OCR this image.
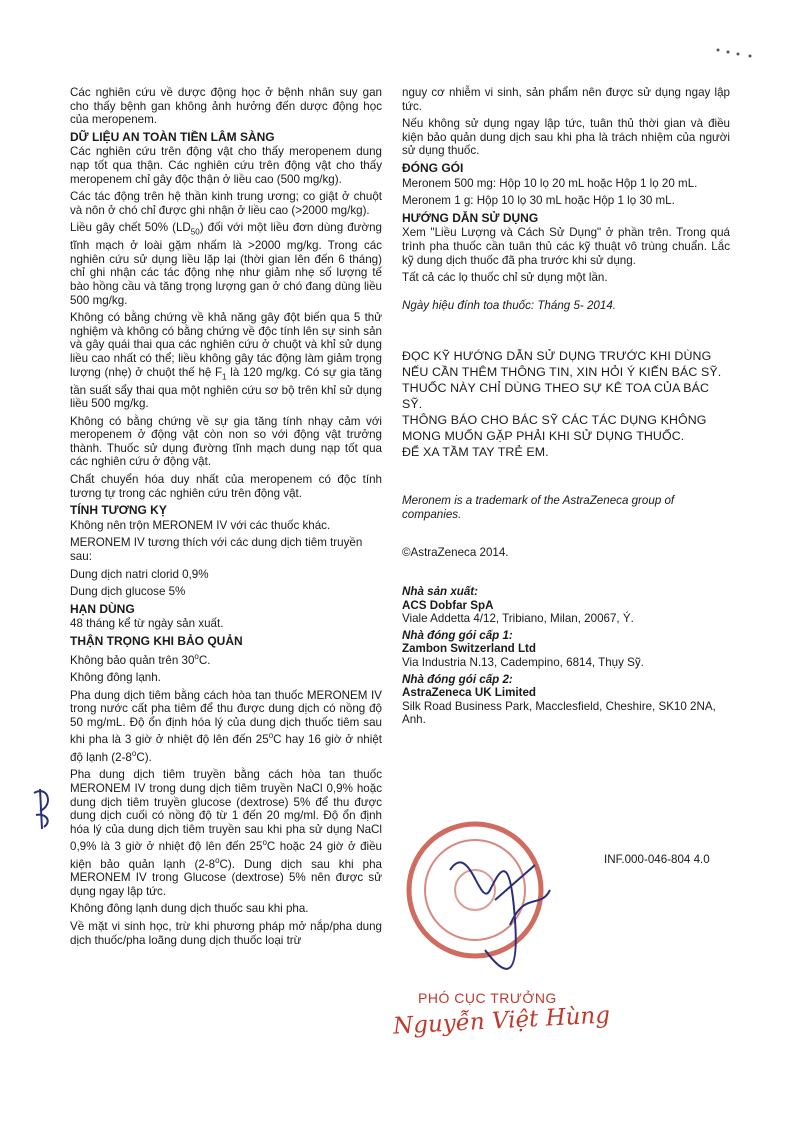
Các nghiên cứu về dược động học ở bệnh nhân suy gan cho thấy bệnh gan không ảnh hưởng đến dược động học của meropenem.

DỮ LIỆU AN TOÀN TIỀN LÂM SÀNG

Các nghiên cứu trên động vật cho thấy meropenem dung nạp tốt qua thận. Các nghiên cứu trên động vật cho thấy meropenem chỉ gây độc thận ở liều cao (500 mg/kg).

Các tác động trên hệ thần kinh trung ương; co giật ở chuột và nôn ở chó chỉ được ghi nhận ở liều cao (>2000 mg/kg).

Liều gây chết 50% $(LD_{50})$ đối với một liều đơn dùng đường tĩnh mạch ở loài gặm nhấm là >2000 mg/kg. Trong các nghiên cứu sử dụng liều lặp lại (thời gian lên đến 6 tháng) chỉ ghi nhận các tác động nhẹ như giảm nhẹ số lượng tế bào hồng cầu và tăng trọng lượng gan ở chó đang dùng liều 500 mg/kg.

Không có bằng chứng về khả năng gây đột biến qua 5 thử nghiệm và không có bằng chứng về độc tính lên sự sinh sản và gây quái thai qua các nghiên cứu ở chuột và khỉ sử dụng liều cao nhất có thể; liều không gây tác động làm giảm trọng lượng (nhẹ) ở chuột thế hệ $F_1$ là 120 mg/kg. Có sự gia tăng tần suất sẩy thai qua một nghiên cứu sơ bộ trên khỉ sử dụng liều 500 mg/kg.

Không có bằng chứng về sự gia tăng tính nhạy cảm với meropenem ở động vật còn non so với động vật trưởng thành. Thuốc sử dụng đường tĩnh mạch dung nạp tốt qua các nghiên cứu ở động vật.

Chất chuyển hóa duy nhất của meropenem có độc tính tương tự trong các nghiên cứu trên động vật.

TÍNH TƯƠNG KỴ

Không nên trộn MERONEM IV với các thuốc khác.

MERONEM IV tương thích với các dung dịch tiêm truyền sau:

Dung dịch natri clorid 0,9%

Dung dịch glucose 5%

HẠN DÙNG

48 tháng kể từ ngày sản xuất.

THẬN TRỌNG KHI BẢO QUẢN

Không bảo quản trên 30$^o$C.

Không đông lạnh.

Pha dung dịch tiêm bằng cách hòa tan thuốc MERONEM IV trong nước cất pha tiêm để thu được dung dịch có nồng độ 50 mg/mL. Độ ổn định hóa lý của dung dịch thuốc tiêm sau khi pha là 3 giờ ở nhiệt độ lên đến 25$^o$C hay 16 giờ ở nhiệt độ lạnh (2-8$^o$C).

Pha dung dịch tiêm truyền bằng cách hòa tan thuốc MERONEM IV trong dung dịch tiêm truyền NaCl 0,9% hoặc dung dịch tiêm truyền glucose (dextrose) 5% để thu được dung dịch cuối có nồng độ từ 1 đến 20 mg/ml. Độ ổn định hóa lý của dung dịch tiêm truyền sau khi pha sử dụng NaCl 0,9% là 3 giờ ở nhiệt độ lên đến 25$^o$C hoặc 24 giờ ở điều kiện bảo quản lạnh (2-8$^o$C). Dung dịch sau khi pha MERONEM IV trong Glucose (dextrose) 5% nên được sử dụng ngay lập tức.

Không đông lạnh dung dịch thuốc sau khi pha.

Về mặt vi sinh học, trừ khi phương pháp mở nắp/pha dung dịch thuốc/pha loãng dung dịch thuốc loại trừ

nguy cơ nhiễm vi sinh, sản phẩm nên được sử dụng ngay lập tức.

Nếu không sử dụng ngay lập tức, tuân thủ thời gian và điều kiện bảo quản dung dịch sau khi pha là trách nhiệm của người sử dụng thuốc.

ĐÓNG GÓI

Meronem 500 mg: Hộp 10 lọ 20 mL hoặc Hộp 1 lọ 20 mL.

Meronem 1 g: Hộp 10 lọ 30 mL hoặc Hộp 1 lọ 30 mL.

HƯỚNG DẪN SỬ DỤNG

Xem "Liều Lượng và Cách Sử Dụng" ở phần trên. Trong quá trình pha thuốc cần tuân thủ các kỹ thuật vô trùng chuẩn. Lắc kỹ dung dịch thuốc đã pha trước khi sử dụng.

Tất cả các lọ thuốc chỉ sử dụng một lần.

Ngày hiệu đính toa thuốc: Tháng 5- 2014.

ĐỌC KỸ HƯỚNG DẪN SỬ DỤNG TRƯỚC KHI DÙNG

NẾU CẦN THÊM THÔNG TIN, XIN HỎI Ý KIẾN BÁC SỸ.

THUỐC NÀY CHỈ DÙNG THEO SỰ KÊ TOA CỦA BÁC SỸ.

THÔNG BÁO CHO BÁC SỸ CÁC TÁC DỤNG KHÔNG MONG MUỐN GẶP PHẢI KHI SỬ DỤNG THUỐC.

ĐỂ XA TẦM TAY TRẺ EM.

Meronem is a trademark of the AstraZeneca group of companies.

©AstraZeneca 2014.

Nhà sản xuất:

ACS Dobfar SpA

Viale Addetta 4/12, Tribiano, Milan, 20067, Ý.

Nhà đóng gói cấp 1:

Zambon Switzerland Ltd

Via Industria N.13, Cadempino, 6814, Thụy Sỹ.

Nhà đóng gói cấp 2:

AstraZeneca UK Limited

Silk Road Business Park, Macclesfield, Cheshire, SK10 2NA, Anh.

INF.000-046-804 4.0
PHÓ CỤC TRƯỞNG
Nguyễn Việt Hùng
